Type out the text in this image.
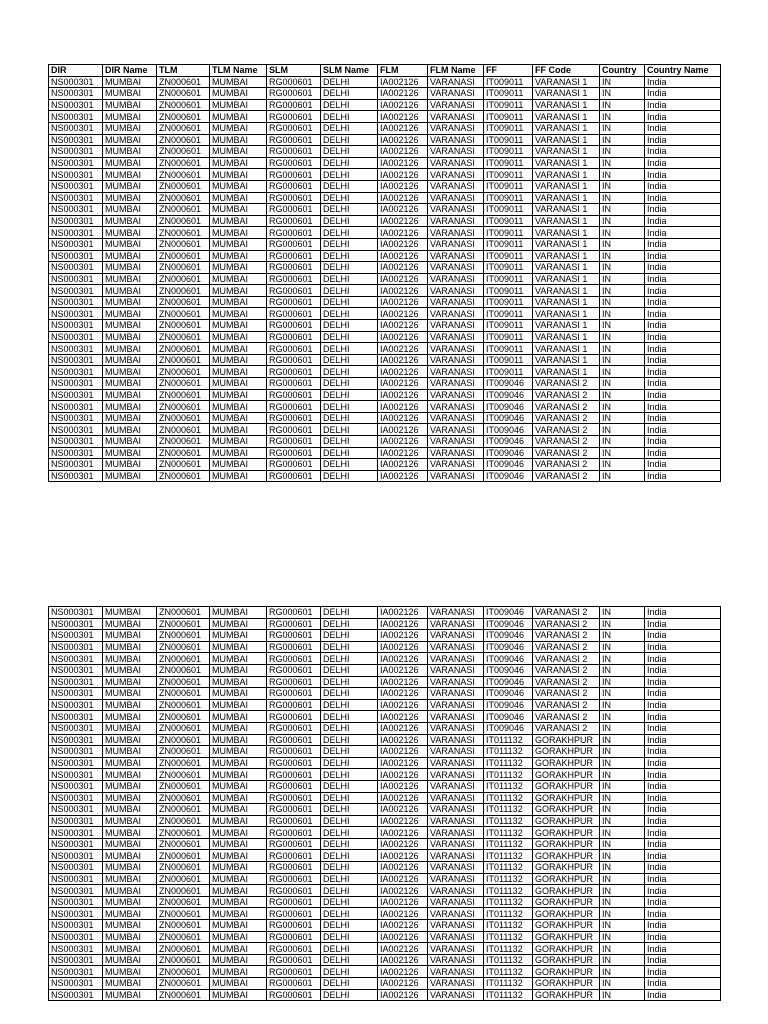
DIR	DIR Name	TLM	TLM Name	SLM	SLM Name	FLM	FLM Name	FF	FF Code	Country	Country Name
NS000301	MUMBAI	ZN000601	MUMBAI	RG000601	DELHI	IA002126	VARANASI	IT009011	VARANASI 1	IN	India
NS000301	MUMBAI	ZN000601	MUMBAI	RG000601	DELHI	IA002126	VARANASI	IT009011	VARANASI 1	IN	India
NS000301	MUMBAI	ZN000601	MUMBAI	RG000601	DELHI	IA002126	VARANASI	IT009011	VARANASI 1	IN	India
NS000301	MUMBAI	ZN000601	MUMBAI	RG000601	DELHI	IA002126	VARANASI	IT009011	VARANASI 1	IN	India
NS000301	MUMBAI	ZN000601	MUMBAI	RG000601	DELHI	IA002126	VARANASI	IT009011	VARANASI 1	IN	India
NS000301	MUMBAI	ZN000601	MUMBAI	RG000601	DELHI	IA002126	VARANASI	IT009011	VARANASI 1	IN	India
NS000301	MUMBAI	ZN000601	MUMBAI	RG000601	DELHI	IA002126	VARANASI	IT009011	VARANASI 1	IN	India
NS000301	MUMBAI	ZN000601	MUMBAI	RG000601	DELHI	IA002126	VARANASI	IT009011	VARANASI 1	IN	India
NS000301	MUMBAI	ZN000601	MUMBAI	RG000601	DELHI	IA002126	VARANASI	IT009011	VARANASI 1	IN	India
NS000301	MUMBAI	ZN000601	MUMBAI	RG000601	DELHI	IA002126	VARANASI	IT009011	VARANASI 1	IN	India
NS000301	MUMBAI	ZN000601	MUMBAI	RG000601	DELHI	IA002126	VARANASI	IT009011	VARANASI 1	IN	India
NS000301	MUMBAI	ZN000601	MUMBAI	RG000601	DELHI	IA002126	VARANASI	IT009011	VARANASI 1	IN	India
NS000301	MUMBAI	ZN000601	MUMBAI	RG000601	DELHI	IA002126	VARANASI	IT009011	VARANASI 1	IN	India
NS000301	MUMBAI	ZN000601	MUMBAI	RG000601	DELHI	IA002126	VARANASI	IT009011	VARANASI 1	IN	India
NS000301	MUMBAI	ZN000601	MUMBAI	RG000601	DELHI	IA002126	VARANASI	IT009011	VARANASI 1	IN	India
NS000301	MUMBAI	ZN000601	MUMBAI	RG000601	DELHI	IA002126	VARANASI	IT009011	VARANASI 1	IN	India
NS000301	MUMBAI	ZN000601	MUMBAI	RG000601	DELHI	IA002126	VARANASI	IT009011	VARANASI 1	IN	India
NS000301	MUMBAI	ZN000601	MUMBAI	RG000601	DELHI	IA002126	VARANASI	IT009011	VARANASI 1	IN	India
NS000301	MUMBAI	ZN000601	MUMBAI	RG000601	DELHI	IA002126	VARANASI	IT009011	VARANASI 1	IN	India
NS000301	MUMBAI	ZN000601	MUMBAI	RG000601	DELHI	IA002126	VARANASI	IT009011	VARANASI 1	IN	India
NS000301	MUMBAI	ZN000601	MUMBAI	RG000601	DELHI	IA002126	VARANASI	IT009011	VARANASI 1	IN	India
NS000301	MUMBAI	ZN000601	MUMBAI	RG000601	DELHI	IA002126	VARANASI	IT009011	VARANASI 1	IN	India
NS000301	MUMBAI	ZN000601	MUMBAI	RG000601	DELHI	IA002126	VARANASI	IT009011	VARANASI 1	IN	India
NS000301	MUMBAI	ZN000601	MUMBAI	RG000601	DELHI	IA002126	VARANASI	IT009011	VARANASI 1	IN	India
NS000301	MUMBAI	ZN000601	MUMBAI	RG000601	DELHI	IA002126	VARANASI	IT009011	VARANASI 1	IN	India
NS000301	MUMBAI	ZN000601	MUMBAI	RG000601	DELHI	IA002126	VARANASI	IT009011	VARANASI 1	IN	India
NS000301	MUMBAI	ZN000601	MUMBAI	RG000601	DELHI	IA002126	VARANASI	IT009046	VARANASI 2	IN	India
NS000301	MUMBAI	ZN000601	MUMBAI	RG000601	DELHI	IA002126	VARANASI	IT009046	VARANASI 2	IN	India
NS000301	MUMBAI	ZN000601	MUMBAI	RG000601	DELHI	IA002126	VARANASI	IT009046	VARANASI 2	IN	India
NS000301	MUMBAI	ZN000601	MUMBAI	RG000601	DELHI	IA002126	VARANASI	IT009046	VARANASI 2	IN	India
NS000301	MUMBAI	ZN000601	MUMBAI	RG000601	DELHI	IA002126	VARANASI	IT009046	VARANASI 2	IN	India
NS000301	MUMBAI	ZN000601	MUMBAI	RG000601	DELHI	IA002126	VARANASI	IT009046	VARANASI 2	IN	India
NS000301	MUMBAI	ZN000601	MUMBAI	RG000601	DELHI	IA002126	VARANASI	IT009046	VARANASI 2	IN	India
NS000301	MUMBAI	ZN000601	MUMBAI	RG000601	DELHI	IA002126	VARANASI	IT009046	VARANASI 2	IN	India
NS000301	MUMBAI	ZN000601	MUMBAI	RG000601	DELHI	IA002126	VARANASI	IT009046	VARANASI 2	IN	India
NS000301	MUMBAI	ZN000601	MUMBAI	RG000601	DELHI	IA002126	VARANASI	IT009046	VARANASI 2	IN	India
NS000301	MUMBAI	ZN000601	MUMBAI	RG000601	DELHI	IA002126	VARANASI	IT009046	VARANASI 2	IN	India
NS000301	MUMBAI	ZN000601	MUMBAI	RG000601	DELHI	IA002126	VARANASI	IT009046	VARANASI 2	IN	India
NS000301	MUMBAI	ZN000601	MUMBAI	RG000601	DELHI	IA002126	VARANASI	IT009046	VARANASI 2	IN	India
NS000301	MUMBAI	ZN000601	MUMBAI	RG000601	DELHI	IA002126	VARANASI	IT009046	VARANASI 2	IN	India
NS000301	MUMBAI	ZN000601	MUMBAI	RG000601	DELHI	IA002126	VARANASI	IT009046	VARANASI 2	IN	India
NS000301	MUMBAI	ZN000601	MUMBAI	RG000601	DELHI	IA002126	VARANASI	IT009046	VARANASI 2	IN	India
NS000301	MUMBAI	ZN000601	MUMBAI	RG000601	DELHI	IA002126	VARANASI	IT009046	VARANASI 2	IN	India
NS000301	MUMBAI	ZN000601	MUMBAI	RG000601	DELHI	IA002126	VARANASI	IT009046	VARANASI 2	IN	India
NS000301	MUMBAI	ZN000601	MUMBAI	RG000601	DELHI	IA002126	VARANASI	IT009046	VARANASI 2	IN	India
NS000301	MUMBAI	ZN000601	MUMBAI	RG000601	DELHI	IA002126	VARANASI	IT009046	VARANASI 2	IN	India
NS000301	MUMBAI	ZN000601	MUMBAI	RG000601	DELHI	IA002126	VARANASI	IT011132	GORAKHPUR	IN	India
NS000301	MUMBAI	ZN000601	MUMBAI	RG000601	DELHI	IA002126	VARANASI	IT011132	GORAKHPUR	IN	India
NS000301	MUMBAI	ZN000601	MUMBAI	RG000601	DELHI	IA002126	VARANASI	IT011132	GORAKHPUR	IN	India
NS000301	MUMBAI	ZN000601	MUMBAI	RG000601	DELHI	IA002126	VARANASI	IT011132	GORAKHPUR	IN	India
NS000301	MUMBAI	ZN000601	MUMBAI	RG000601	DELHI	IA002126	VARANASI	IT011132	GORAKHPUR	IN	India
NS000301	MUMBAI	ZN000601	MUMBAI	RG000601	DELHI	IA002126	VARANASI	IT011132	GORAKHPUR	IN	India
NS000301	MUMBAI	ZN000601	MUMBAI	RG000601	DELHI	IA002126	VARANASI	IT011132	GORAKHPUR	IN	India
NS000301	MUMBAI	ZN000601	MUMBAI	RG000601	DELHI	IA002126	VARANASI	IT011132	GORAKHPUR	IN	India
NS000301	MUMBAI	ZN000601	MUMBAI	RG000601	DELHI	IA002126	VARANASI	IT011132	GORAKHPUR	IN	India
NS000301	MUMBAI	ZN000601	MUMBAI	RG000601	DELHI	IA002126	VARANASI	IT011132	GORAKHPUR	IN	India
NS000301	MUMBAI	ZN000601	MUMBAI	RG000601	DELHI	IA002126	VARANASI	IT011132	GORAKHPUR	IN	India
NS000301	MUMBAI	ZN000601	MUMBAI	RG000601	DELHI	IA002126	VARANASI	IT011132	GORAKHPUR	IN	India
NS000301	MUMBAI	ZN000601	MUMBAI	RG000601	DELHI	IA002126	VARANASI	IT011132	GORAKHPUR	IN	India
NS000301	MUMBAI	ZN000601	MUMBAI	RG000601	DELHI	IA002126	VARANASI	IT011132	GORAKHPUR	IN	India
NS000301	MUMBAI	ZN000601	MUMBAI	RG000601	DELHI	IA002126	VARANASI	IT011132	GORAKHPUR	IN	India
NS000301	MUMBAI	ZN000601	MUMBAI	RG000601	DELHI	IA002126	VARANASI	IT011132	GORAKHPUR	IN	India
NS000301	MUMBAI	ZN000601	MUMBAI	RG000601	DELHI	IA002126	VARANASI	IT011132	GORAKHPUR	IN	India
NS000301	MUMBAI	ZN000601	MUMBAI	RG000601	DELHI	IA002126	VARANASI	IT011132	GORAKHPUR	IN	India
NS000301	MUMBAI	ZN000601	MUMBAI	RG000601	DELHI	IA002126	VARANASI	IT011132	GORAKHPUR	IN	India
NS000301	MUMBAI	ZN000601	MUMBAI	RG000601	DELHI	IA002126	VARANASI	IT011132	GORAKHPUR	IN	India
NS000301	MUMBAI	ZN000601	MUMBAI	RG000601	DELHI	IA002126	VARANASI	IT011132	GORAKHPUR	IN	India
NS000301	MUMBAI	ZN000601	MUMBAI	RG000601	DELHI	IA002126	VARANASI	IT011132	GORAKHPUR	IN	India
NS000301	MUMBAI	ZN000601	MUMBAI	RG000601	DELHI	IA002126	VARANASI	IT011132	GORAKHPUR	IN	India
